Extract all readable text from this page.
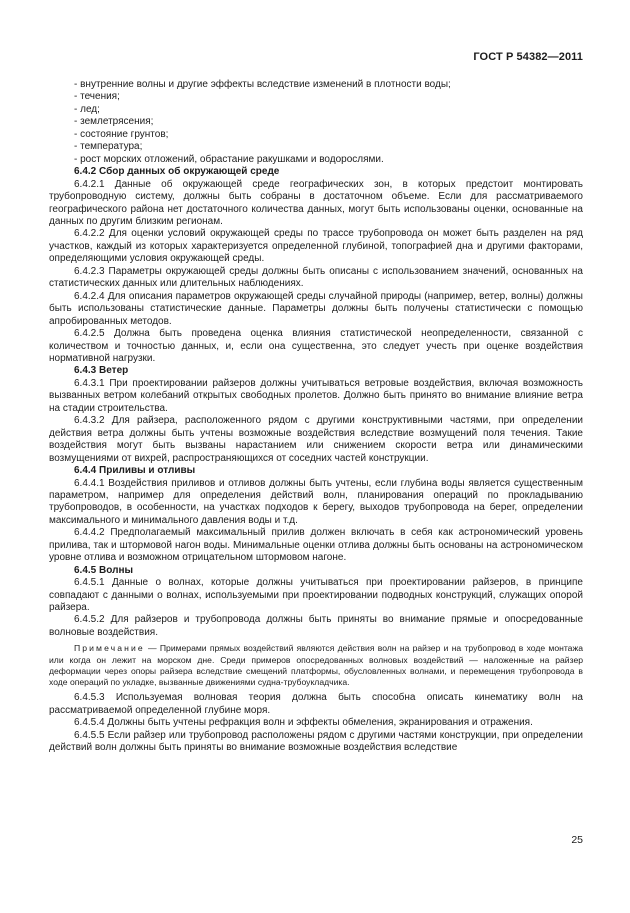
ГОСТ Р 54382—2011

- внутренние волны и другие эффекты вследствие изменений в плотности воды;

- течения;

- лед;

- землетрясения;

- состояние грунтов;

- температура;

- рост морских отложений, обрастание ракушками и водорослями.

6.4.2 Сбор данных об окружающей среде

6.4.2.1 Данные об окружающей среде географических зон, в которых предстоит монтировать трубопроводную систему, должны быть собраны в достаточном объеме. Если для рассматриваемого географического района нет достаточного количества данных, могут быть использованы оценки, основанные на данных по другим близким регионам.

6.4.2.2 Для оценки условий окружающей среды по трассе трубопровода он может быть разделен на ряд участков, каждый из которых характеризуется определенной глубиной, топографией дна и другими факторами, определяющими условия окружающей среды.

6.4.2.3 Параметры окружающей среды должны быть описаны с использованием значений, основанных на статистических данных или длительных наблюдениях.

6.4.2.4 Для описания параметров окружающей среды случайной природы (например, ветер, волны) должны быть использованы статистические данные. Параметры должны быть получены статистически с помощью апробированных методов.

6.4.2.5 Должна быть проведена оценка влияния статистической неопределенности, связанной с количеством и точностью данных, и, если она существенна, это следует учесть при оценке воздействия нормативной нагрузки.

6.4.3 Ветер

6.4.3.1 При проектировании райзеров должны учитываться ветровые воздействия, включая возможность вызванных ветром колебаний открытых свободных пролетов. Должно быть принято во внимание влияние ветра на стадии строительства.

6.4.3.2 Для райзера, расположенного рядом с другими конструктивными частями, при определении действия ветра должны быть учтены возможные воздействия вследствие возмущений поля течения. Такие воздействия могут быть вызваны нарастанием или снижением скорости ветра или динамическими возмущениями от вихрей, распространяющихся от соседних частей конструкции.

6.4.4 Приливы и отливы

6.4.4.1 Воздействия приливов и отливов должны быть учтены, если глубина воды является существенным параметром, например для определения действий волн, планирования операций по прокладыванию трубопроводов, в особенности, на участках подходов к берегу, выходов трубопровода на берег, определении максимального и минимального давления воды и т.д.

6.4.4.2 Предполагаемый максимальный прилив должен включать в себя как астрономический уровень прилива, так и штормовой нагон воды. Минимальные оценки отлива должны быть основаны на астрономическом уровне отлива и возможном отрицательном штормовом нагоне.

6.4.5 Волны

6.4.5.1 Данные о волнах, которые должны учитываться при проектировании райзеров, в принципе совпадают с данными о волнах, используемыми при проектировании подводных конструкций, служащих опорой райзера.

6.4.5.2 Для райзеров и трубопровода должны быть приняты во внимание прямые и опосредованные волновые воздействия.

Примечание — Примерами прямых воздействий являются действия волн на райзер и на трубопровод в ходе монтажа или когда он лежит на морском дне. Среди примеров опосредованных волновых воздействий — наложенные на райзер деформации через опоры райзера вследствие смещений платформы, обусловленных волнами, и перемещения трубопровода в ходе операций по укладке, вызванные движениями судна-трубоукладчика.

6.4.5.3 Используемая волновая теория должна быть способна описать кинематику волн на рассматриваемой определенной глубине моря.

6.4.5.4 Должны быть учтены рефракция волн и эффекты обмеления, экранирования и отражения.

6.4.5.5 Если райзер или трубопровод расположены рядом с другими частями конструкции, при определении действий волн должны быть приняты во внимание возможные воздействия вследствие

25
